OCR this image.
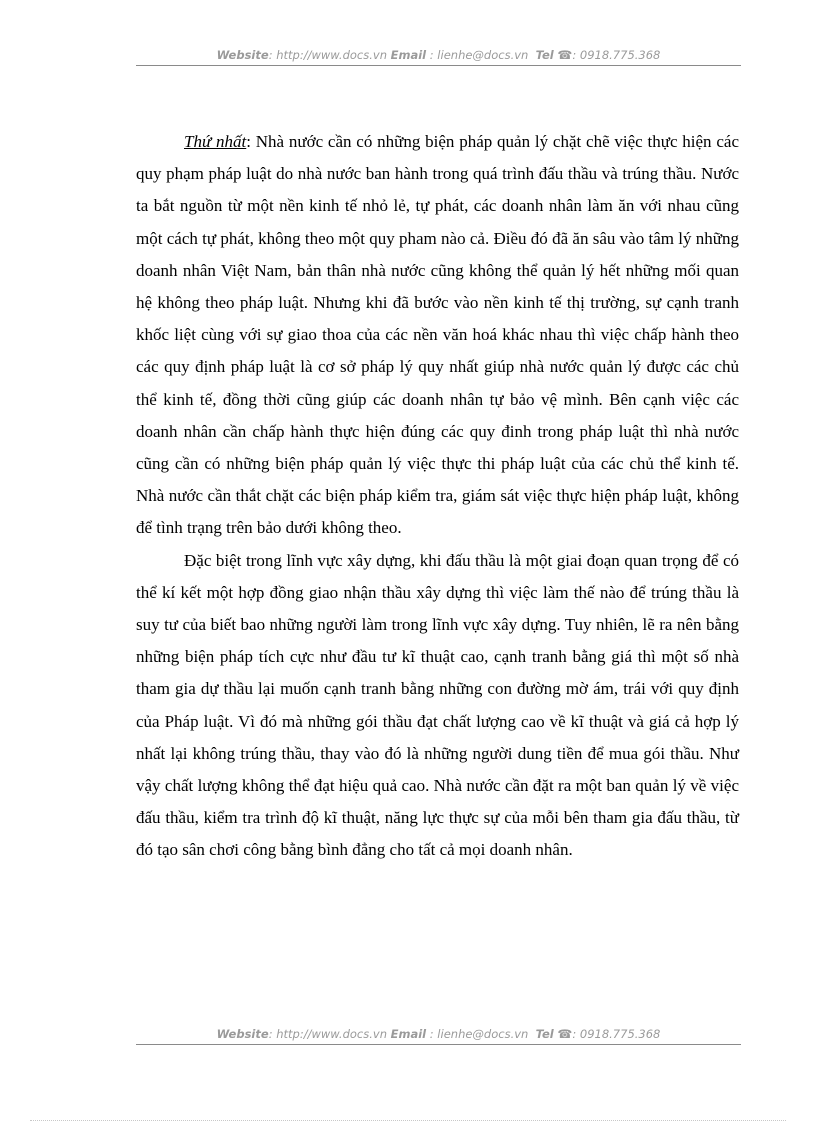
Website: http://www.docs.vn Email : lienhe@docs.vn Tel ☎: 0918.775.368

Thứ nhất: Nhà nước cần có những biện pháp quản lý chặt chẽ việc thực hiện các quy phạm pháp luật do nhà nước ban hành trong quá trình đấu thầu và trúng thầu. Nước ta bắt nguồn từ một nền kinh tế nhỏ lẻ, tự phát, các doanh nhân làm ăn với nhau cũng một cách tự phát, không theo một quy pham nào cả. Điều đó đã ăn sâu vào tâm lý những doanh nhân Việt Nam, bản thân nhà nước cũng không thể quản lý hết những mối quan hệ không theo pháp luật. Nhưng khi đã bước vào nền kinh tế thị trường, sự cạnh tranh khốc liệt cùng với sự giao thoa của các nền văn hoá khác nhau thì việc chấp hành theo các quy định pháp luật là cơ sở pháp lý quy nhất giúp nhà nước quản lý được các chủ thể kinh tế, đồng thời cũng giúp các doanh nhân tự bảo vệ mình. Bên cạnh việc các doanh nhân cần chấp hành thực hiện đúng các quy đinh trong pháp luật thì nhà nước cũng cần có những biện pháp quản lý việc thực thi pháp luật của các chủ thể kinh tế. Nhà nước cần thắt chặt các biện pháp kiểm tra, giám sát việc thực hiện pháp luật, không để tình trạng trên bảo dưới không theo.

Đặc biệt trong lĩnh vực xây dựng, khi đấu thầu là một giai đoạn quan trọng để có thể kí kết một hợp đồng giao nhận thầu xây dựng thì việc làm thế nào để trúng thầu là suy tư của biết bao những người làm trong lĩnh vực xây dựng. Tuy nhiên, lẽ ra nên bằng những biện pháp tích cực như đầu tư kĩ thuật cao, cạnh tranh bằng giá thì một số nhà tham gia dự thầu lại muốn cạnh tranh bằng những con đường mờ ám, trái với quy định của Pháp luật. Vì đó mà những gói thầu đạt chất lượng cao về kĩ thuật và giá cả hợp lý nhất lại không trúng thầu, thay vào đó là những người dung tiền để mua gói thầu. Như vậy chất lượng không thể đạt hiệu quả cao. Nhà nước cần đặt ra một ban quản lý về việc đấu thầu, kiểm tra trình độ kĩ thuật, năng lực thực sự của mỗi bên tham gia đấu thầu, từ đó tạo sân chơi công bằng bình đẳng cho tất cả mọi doanh nhân.

Website: http://www.docs.vn Email : lienhe@docs.vn Tel ☎: 0918.775.368
